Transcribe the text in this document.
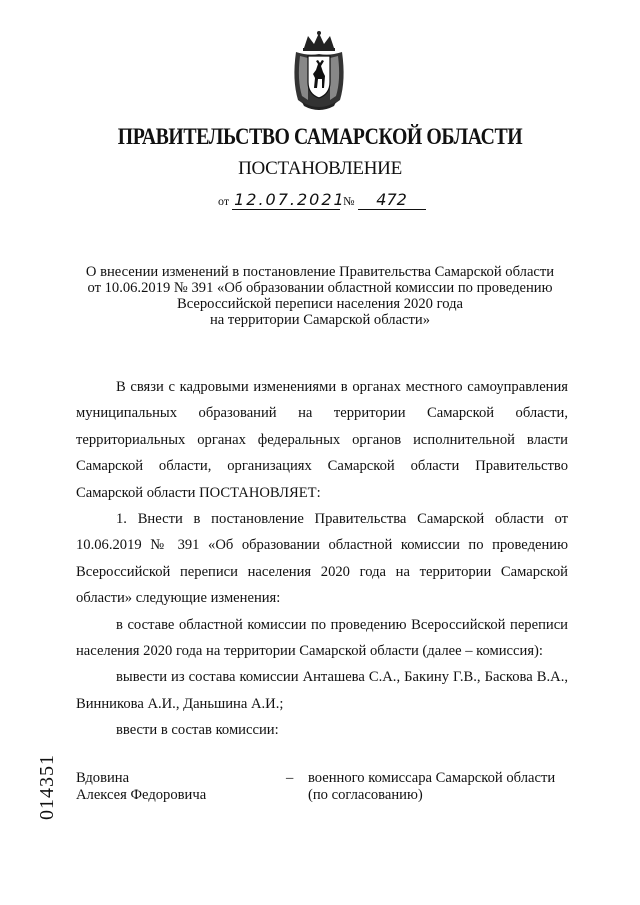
ПРАВИТЕЛЬСТВО САМАРСКОЙ ОБЛАСТИ
ПОСТАНОВЛЕНИЕ
от 12.07.2021 № 472
О внесении изменений в постановление Правительства Самарской области
от 10.06.2019 № 391 «Об образовании областной комиссии по проведению
Всероссийской переписи населения 2020 года
на территории Самарской области»

В связи с кадровыми изменениями в органах местного самоуправления муниципальных образований на территории Самарской области, территориальных органах федеральных органов исполнительной власти Самарской области, организациях Самарской области Правительство Самарской области ПОСТАНОВЛЯЕТ:

1. Внести в постановление Правительства Самарской области от 10.06.2019 № 391 «Об образовании областной комиссии по проведению Всероссийской переписи населения 2020 года на территории Самарской области» следующие изменения:

в составе областной комиссии по проведению Всероссийской переписи населения 2020 года на территории Самарской области (далее – комиссия):

вывести из состава комиссии Анташева С.А., Бакину Г.В., Баскова В.А., Винникова А.И., Даньшина А.И.;

ввести в состав комиссии:

Вдовина
Алексея Федоровича
– военного комиссара Самарской области
(по согласованию)
014351
